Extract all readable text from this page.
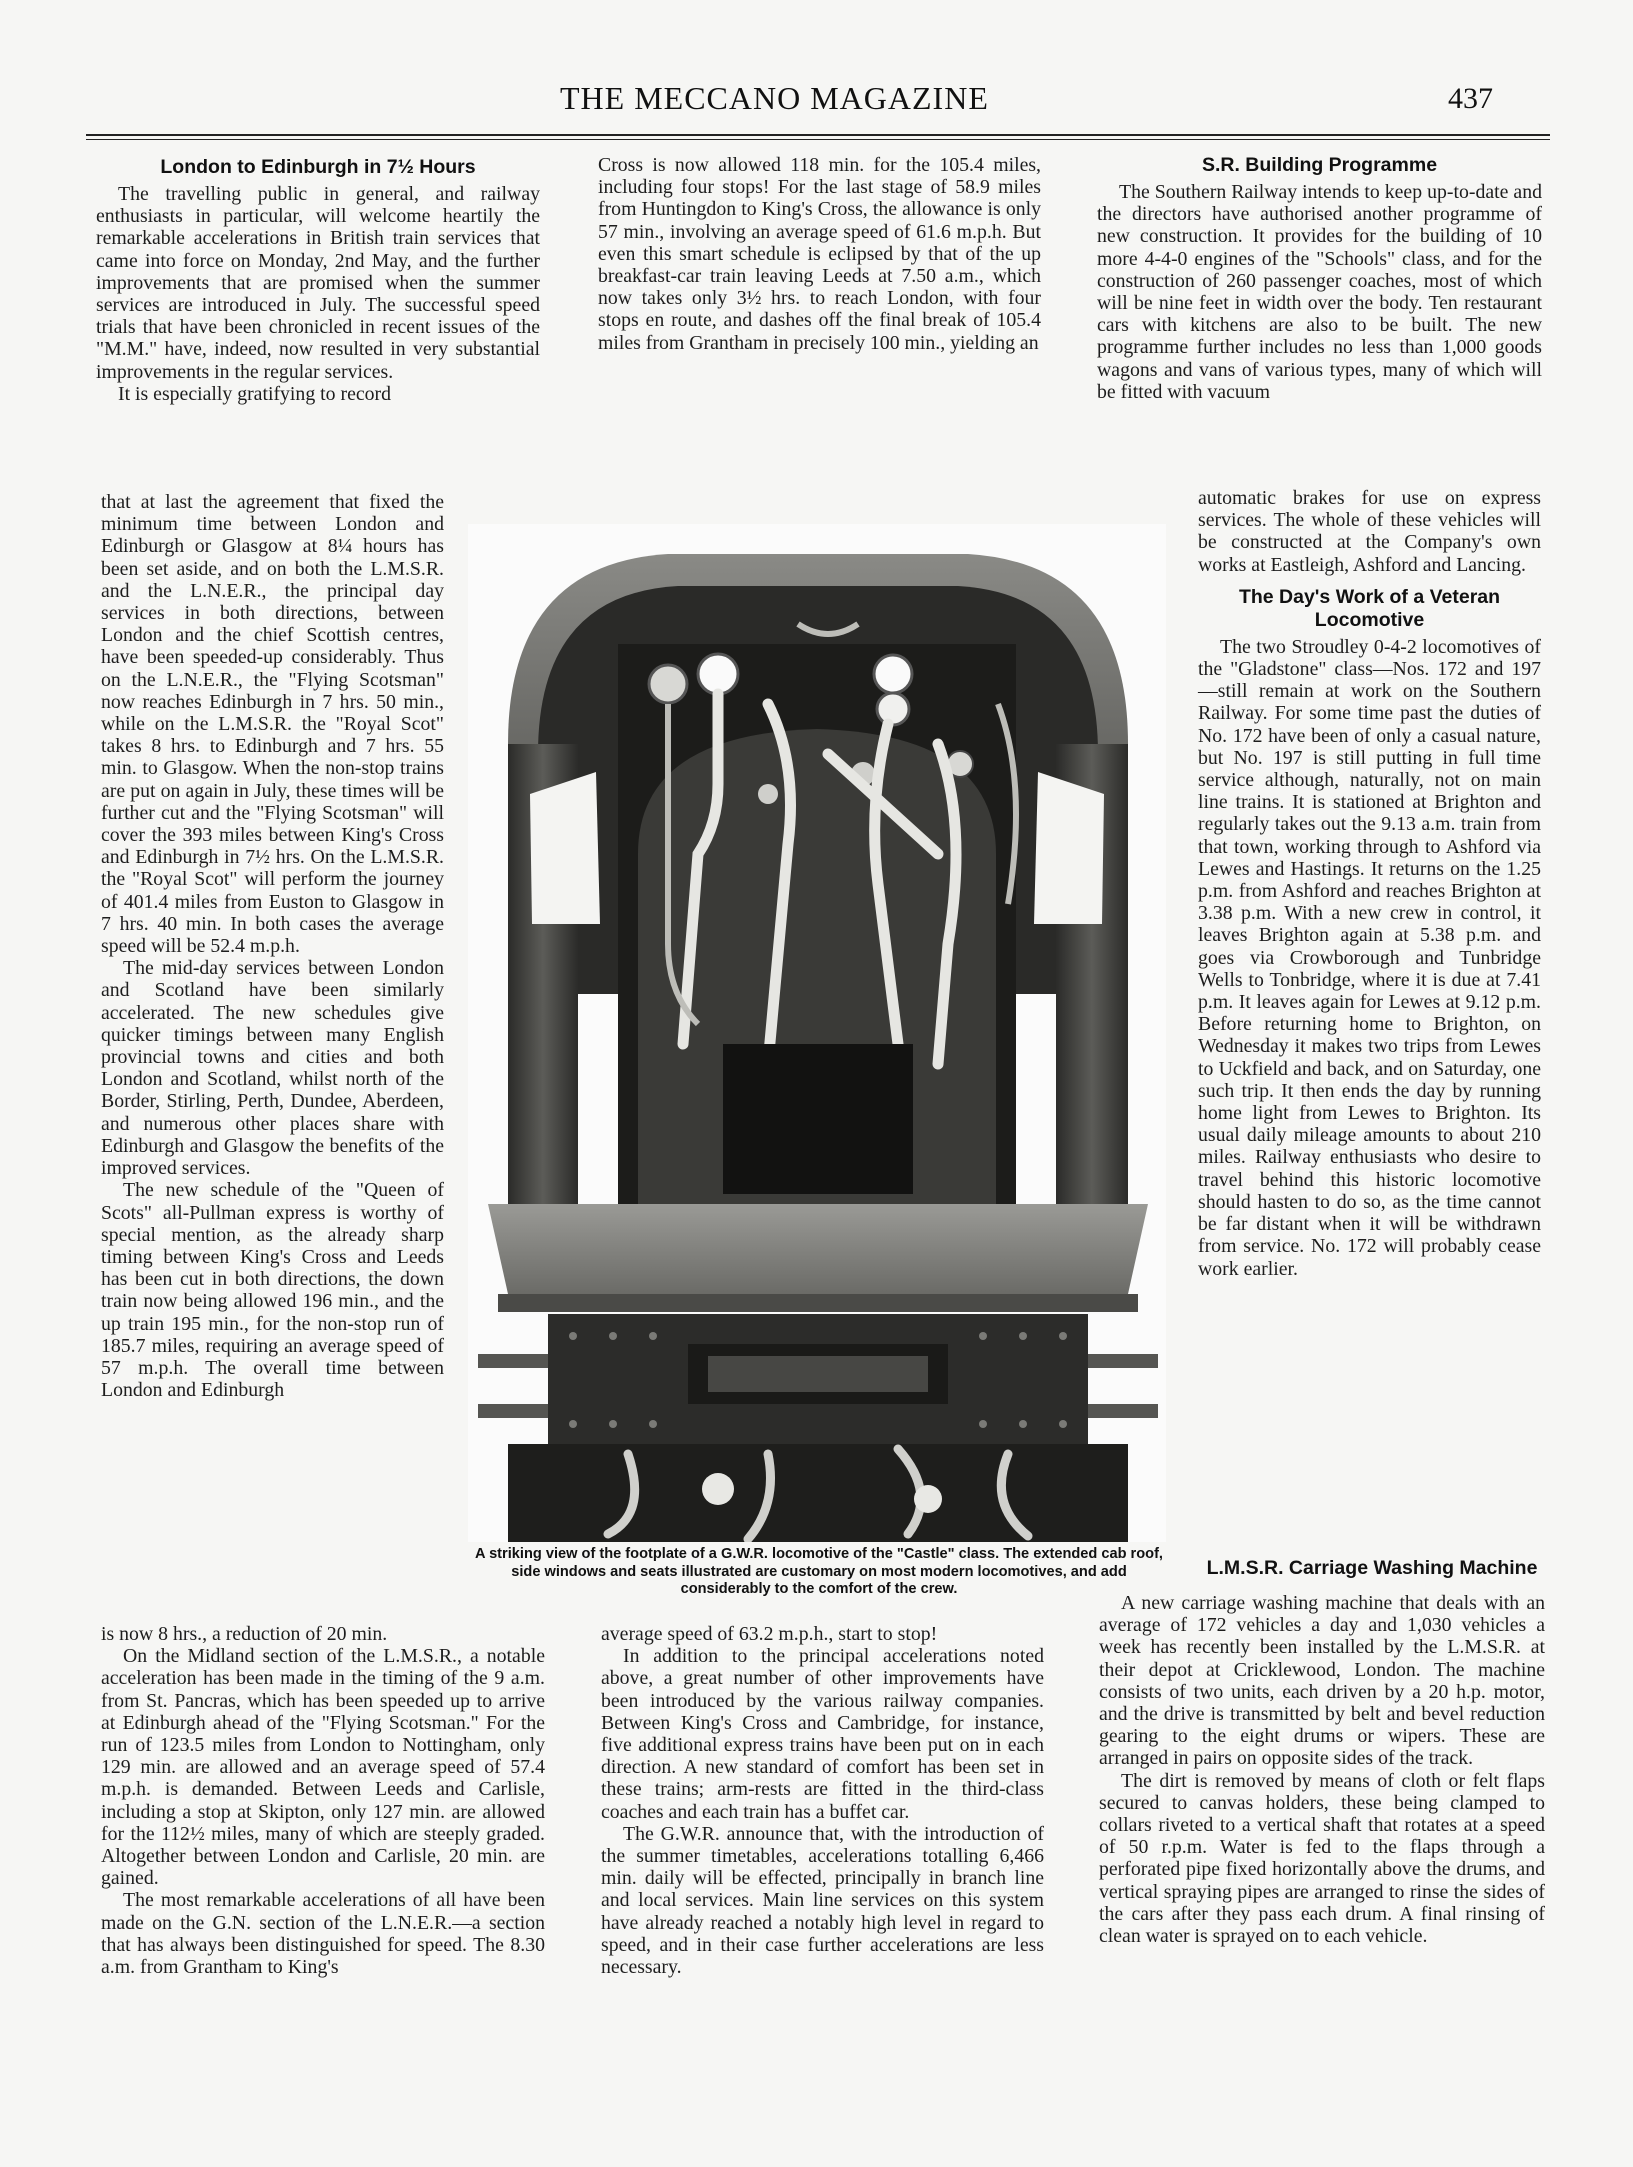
THE MECCANO MAGAZINE	437
London to Edinburgh in 7½ Hours

The travelling public in general, and railway enthusiasts in particular, will welcome heartily the remarkable accelerations in British train services that came into force on Monday, 2nd May, and the further improvements that are promised when the summer services are introduced in July. The successful speed trials that have been chronicled in recent issues of the "M.M." have, indeed, now resulted in very substantial improvements in the regular services.

It is especially gratifying to record

that at last the agreement that fixed the minimum time between London and Edinburgh or Glasgow at 8¼ hours has been set aside, and on both the L.M.S.R. and the L.N.E.R., the principal day services in both directions, between London and the chief Scottish centres, have been speeded-up considerably. Thus on the L.N.E.R., the "Flying Scotsman" now reaches Edinburgh in 7 hrs. 50 min., while on the L.M.S.R. the "Royal Scot" takes 8 hrs. to Edinburgh and 7 hrs. 55 min. to Glasgow. When the non-stop trains are put on again in July, these times will be further cut and the "Flying Scotsman" will cover the 393 miles between King's Cross and Edinburgh in 7½ hrs. On the L.M.S.R. the "Royal Scot" will perform the journey of 401.4 miles from Euston to Glasgow in 7 hrs. 40 min. In both cases the average speed will be 52.4 m.p.h.

The mid-day services between London and Scotland have been similarly accelerated. The new schedules give quicker timings between many English provincial towns and cities and both London and Scotland, whilst north of the Border, Stirling, Perth, Dundee, Aberdeen, and numerous other places share with Edinburgh and Glasgow the benefits of the improved services.

The new schedule of the "Queen of Scots" all-Pullman express is worthy of special mention, as the already sharp timing between King's Cross and Leeds has been cut in both directions, the down train now being allowed 196 min., and the up train 195 min., for the non-stop run of 185.7 miles, requiring an average speed of 57 m.p.h. The overall time between London and Edinburgh

is now 8 hrs., a reduction of 20 min.

On the Midland section of the L.M.S.R., a notable acceleration has been made in the timing of the 9 a.m. from St. Pancras, which has been speeded up to arrive at Edinburgh ahead of the "Flying Scotsman." For the run of 123.5 miles from London to Nottingham, only 129 min. are allowed and an average speed of 57.4 m.p.h. is demanded. Between Leeds and Carlisle, including a stop at Skipton, only 127 min. are allowed for the 112½ miles, many of which are steeply graded. Altogether between London and Carlisle, 20 min. are gained.

The most remarkable accelerations of all have been made on the G.N. section of the L.N.E.R.—a section that has always been distinguished for speed. The 8.30 a.m. from Grantham to King's

Cross is now allowed 118 min. for the 105.4 miles, including four stops! For the last stage of 58.9 miles from Huntingdon to King's Cross, the allowance is only 57 min., involving an average speed of 61.6 m.p.h. But even this smart schedule is eclipsed by that of the up breakfast-car train leaving Leeds at 7.50 a.m., which now takes only 3½ hrs. to reach London, with four stops en route, and dashes off the final break of 105.4 miles from Grantham in precisely 100 min., yielding an

average speed of 63.2 m.p.h., start to stop!

In addition to the principal accelerations noted above, a great number of other improvements have been introduced by the various railway companies. Between King's Cross and Cambridge, for instance, five additional express trains have been put on in each direction. A new standard of comfort has been set in these trains; arm-rests are fitted in the third-class coaches and each train has a buffet car.

The G.W.R. announce that, with the introduction of the summer timetables, accelerations totalling 6,466 min. daily will be effected, principally in branch line and local services. Main line services on this system have already reached a notably high level in regard to speed, and in their case further accelerations are less necessary.

S.R. Building Programme

The Southern Railway intends to keep up-to-date and the directors have authorised another programme of new construction. It provides for the building of 10 more 4-4-0 engines of the "Schools" class, and for the construction of 260 passenger coaches, most of which will be nine feet in width over the body. Ten restaurant cars with kitchens are also to be built. The new programme further includes no less than 1,000 goods wagons and vans of various types, many of which will be fitted with vacuum

automatic brakes for use on express services. The whole of these vehicles will be constructed at the Company's own works at Eastleigh, Ashford and Lancing.

The Day's Work of a Veteran Locomotive

The two Stroudley 0-4-2 locomotives of the "Gladstone" class—Nos. 172 and 197—still remain at work on the Southern Railway. For some time past the duties of No. 172 have been of only a casual nature, but No. 197 is still putting in full time service although, naturally, not on main line trains. It is stationed at Brighton and regularly takes out the 9.13 a.m. train from that town, working through to Ashford via Lewes and Hastings. It returns on the 1.25 p.m. from Ashford and reaches Brighton at 3.38 p.m. With a new crew in control, it leaves Brighton again at 5.38 p.m. and goes via Crowborough and Tunbridge Wells to Tonbridge, where it is due at 7.41 p.m. It leaves again for Lewes at 9.12 p.m. Before returning home to Brighton, on Wednesday it makes two trips from Lewes to Uckfield and back, and on Saturday, one such trip. It then ends the day by running home light from Lewes to Brighton. Its usual daily mileage amounts to about 210 miles. Railway enthusiasts who desire to travel behind this historic locomotive should hasten to do so, as the time cannot be far distant when it will be withdrawn from service. No. 172 will probably cease work earlier.

L.M.S.R. Carriage Washing Machine

A new carriage washing machine that deals with an average of 172 vehicles a day and 1,030 vehicles a week has recently been installed by the L.M.S.R. at their depot at Cricklewood, London. The machine consists of two units, each driven by a 20 h.p. motor, and the drive is transmitted by belt and bevel reduction gearing to the eight drums or wipers. These are arranged in pairs on opposite sides of the track.

The dirt is removed by means of cloth or felt flaps secured to canvas holders, these being clamped to collars riveted to a vertical shaft that rotates at a speed of 50 r.p.m. Water is fed to the flaps through a perforated pipe fixed horizontally above the drums, and vertical spraying pipes are arranged to rinse the sides of the cars after they pass each drum. A final rinsing of clean water is sprayed on to each vehicle.

A striking view of the footplate of a G.W.R. locomotive of the "Castle" class. The extended cab roof, side windows and seats illustrated are customary on most modern locomotives, and add considerably to the comfort of the crew.
